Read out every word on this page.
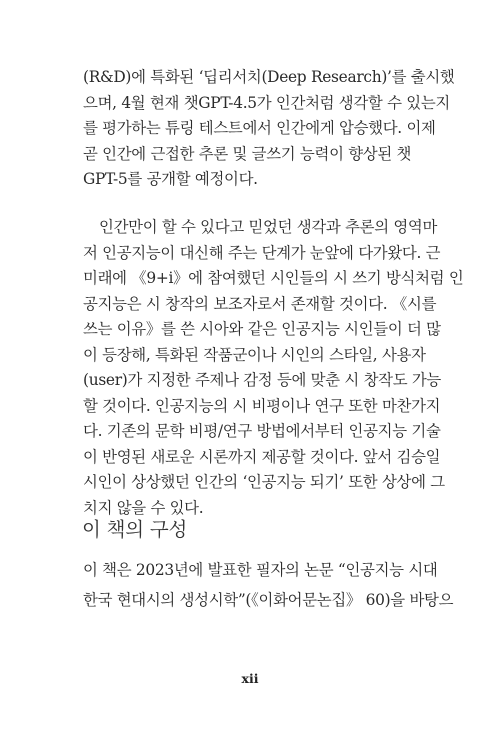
(R&D)에 특화된 ‘딥리서치(Deep Research)’를 출시했
으며, 4월 현재 챗GPT-4.5가 인간처럼 생각할 수 있는지
를 평가하는 튜링 테스트에서 인간에게 압승했다. 이제
곧 인간에 근접한 추론 및 글쓰기 능력이 향상된 챗
GPT-5를 공개할 예정이다.
인간만이 할 수 있다고 믿었던 생각과 추론의 영역마
저 인공지능이 대신해 주는 단계가 눈앞에 다가왔다. 근
미래에 《9+i》에 참여했던 시인들의 시 쓰기 방식처럼 인
공지능은 시 창작의 보조자로서 존재할 것이다. 《시를
쓰는 이유》를 쓴 시아와 같은 인공지능 시인들이 더 많
이 등장해, 특화된 작품군이나 시인의 스타일, 사용자
(user)가 지정한 주제나 감정 등에 맞춘 시 창작도 가능
할 것이다. 인공지능의 시 비평이나 연구 또한 마찬가지
다. 기존의 문학 비평/연구 방법에서부터 인공지능 기술
이 반영된 새로운 시론까지 제공할 것이다. 앞서 김승일
이 책의 구성
이 책은 2023년에 발표한 필자의 논문 “인공지능 시대
한국 현대시의 생성시학”(《이화어문논집》 60)을 바탕으
xii
시인이 상상했던 인간의 ‘인공지능 되기’ 또한 상상에 그
치지 않을 수 있다.
